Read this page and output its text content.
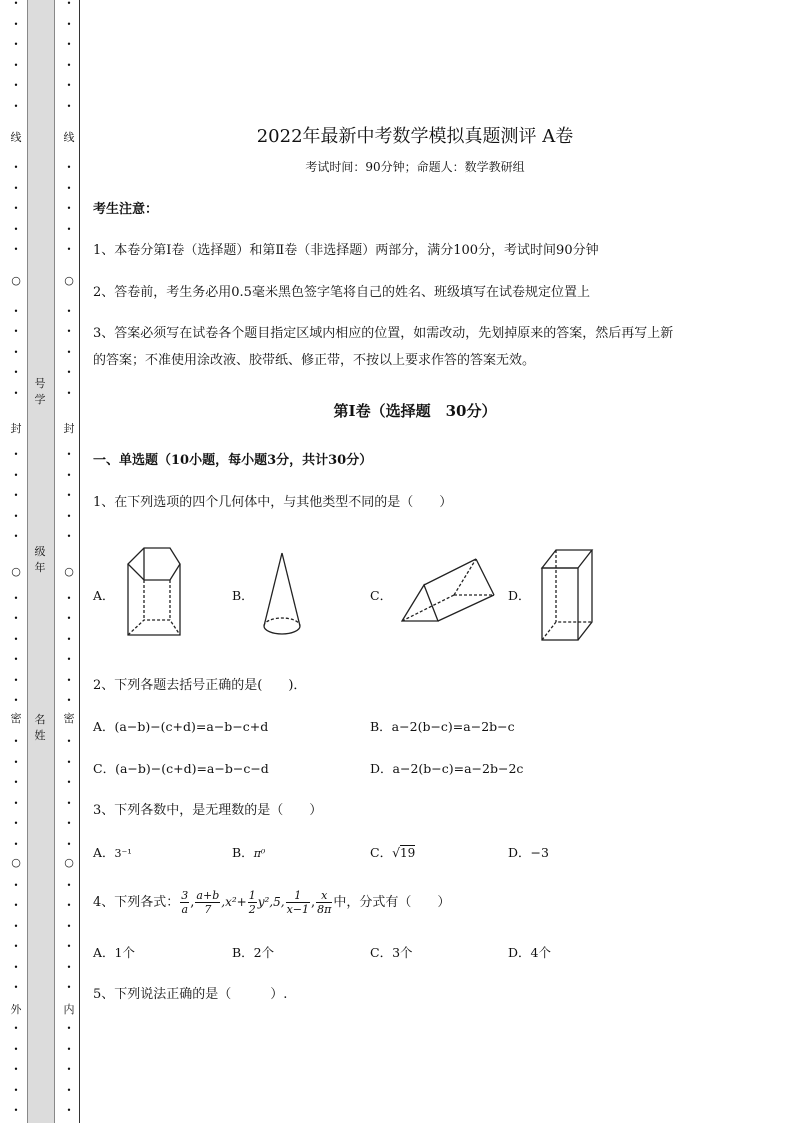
•
•
•
•
•
•
•
•
•
•
•
•
•
•
•
•
•
•
•
•
•
•
•
•
•
•
•
•
•
•
•
•
•
•
•
•
•
•
•
•
•
•
•
•
线
○
封
○
密
○
外
号学
级年
名姓
•
•
•
•
•
•
•
•
•
•
•
•
•
•
•
•
•
•
•
•
•
•
•
•
•
•
•
•
•
•
•
•
•
•
•
•
•
•
•
•
•
•
•
•
线
○
封
○
密
○
内
2022年最新中考数学模拟真题测评 A卷
考试时间：90分钟；命题人：数学教研组
考生注意：
1、本卷分第I卷（选择题）和第Ⅱ卷（非选择题）两部分，满分100分，考试时间90分钟
2、答卷前，考生务必用0.5毫米黑色签字笔将自己的姓名、班级填写在试卷规定位置上
3、答案必须写在试卷各个题目指定区域内相应的位置，如需改动，先划掉原来的答案，然后再写上新
的答案；不准使用涂改液、胶带纸、修正带，不按以上要求作答的答案无效。
第I卷（选择题　30分）
一、单选题（10小题，每小题3分，共计30分）
1、在下列选项的四个几何体中，与其他类型不同的是（　　）
A．	B．	C．	D．
2、下列各题去括号正确的是(　　)．
A．(a−b)−(c+d)=a−b−c+d	B．a−2(b−c)=a−2b−c
C．(a−b)−(c+d)=a−b−c−d	D．a−2(b−c)=a−2b−2c
3、下列各数中，是无理数的是（　　）
A．3⁻¹	B．π⁰	C．√19	D．−3
4、下列各式： $\frac{3}{a}$ , $\frac{a+b}{7} ,x^2+ \frac{1}{2} y^2,5$, $\frac{1}{x-1}$ , $\frac{x}{8\pi}$ 中，分式有（　　）
A．1个	B．2个	C．3个	D．4个
5、下列说法正确的是（　　　）.
